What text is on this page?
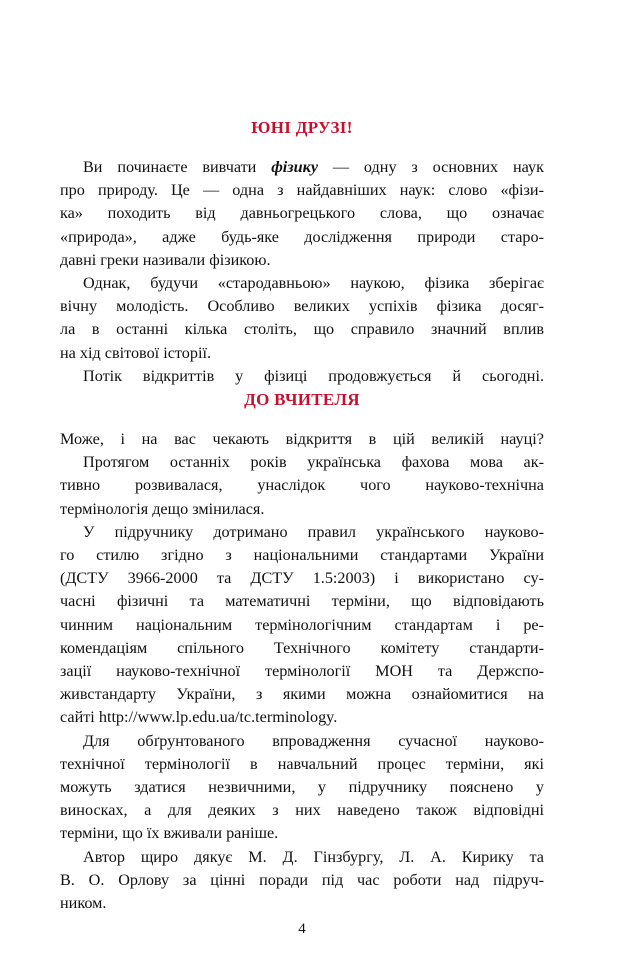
ЮНІ ДРУЗІ!
Ви починаєте вивчати фізику — одну з основних наук
про природу. Це — одна з найдавніших наук: слово «фізи-
ка» походить від давньогрецького слова, що означає
«природа», адже будь-яке дослідження природи старо-
давні греки називали фізикою.
Однак, будучи «стародавньою» наукою, фізика зберігає
вічну молодість. Особливо великих успіхів фізика досяг-
ла в останні кілька століть, що справило значний вплив
на хід світової історії.
Потік відкриттів у фізиці продовжується й сьогодні.
Може, і на вас чекають відкриття в цій великій науці?
ДО ВЧИТЕЛЯ
Протягом останніх років українська фахова мова ак-
тивно розвивалася, унаслідок чого науково-технічна
термінологія дещо змінилася.
У підручнику дотримано правил українського науково-
го стилю згідно з національними стандартами України
(ДСТУ 3966-2000 та ДСТУ 1.5:2003) і використано су-
часні фізичні та математичні терміни, що відповідають
чинним національним термінологічним стандартам і ре-
комендаціям спільного Технічного комітету стандарти-
зації науково-технічної термінології МОН та Держспо-
живстандарту України, з якими можна ознайомитися на
сайті http://www.lp.edu.ua/tc.terminology.
Для обґрунтованого впровадження сучасної науково-
технічної термінології в навчальний процес терміни, які
можуть здатися незвичними, у підручнику пояснено у
виносках, а для деяких з них наведено також відповідні
терміни, що їх вживали раніше.
Автор щиро дякує М. Д. Гінзбургу, Л. А. Кирику та
В. О. Орлову за цінні поради під час роботи над підруч-
ником.
4
